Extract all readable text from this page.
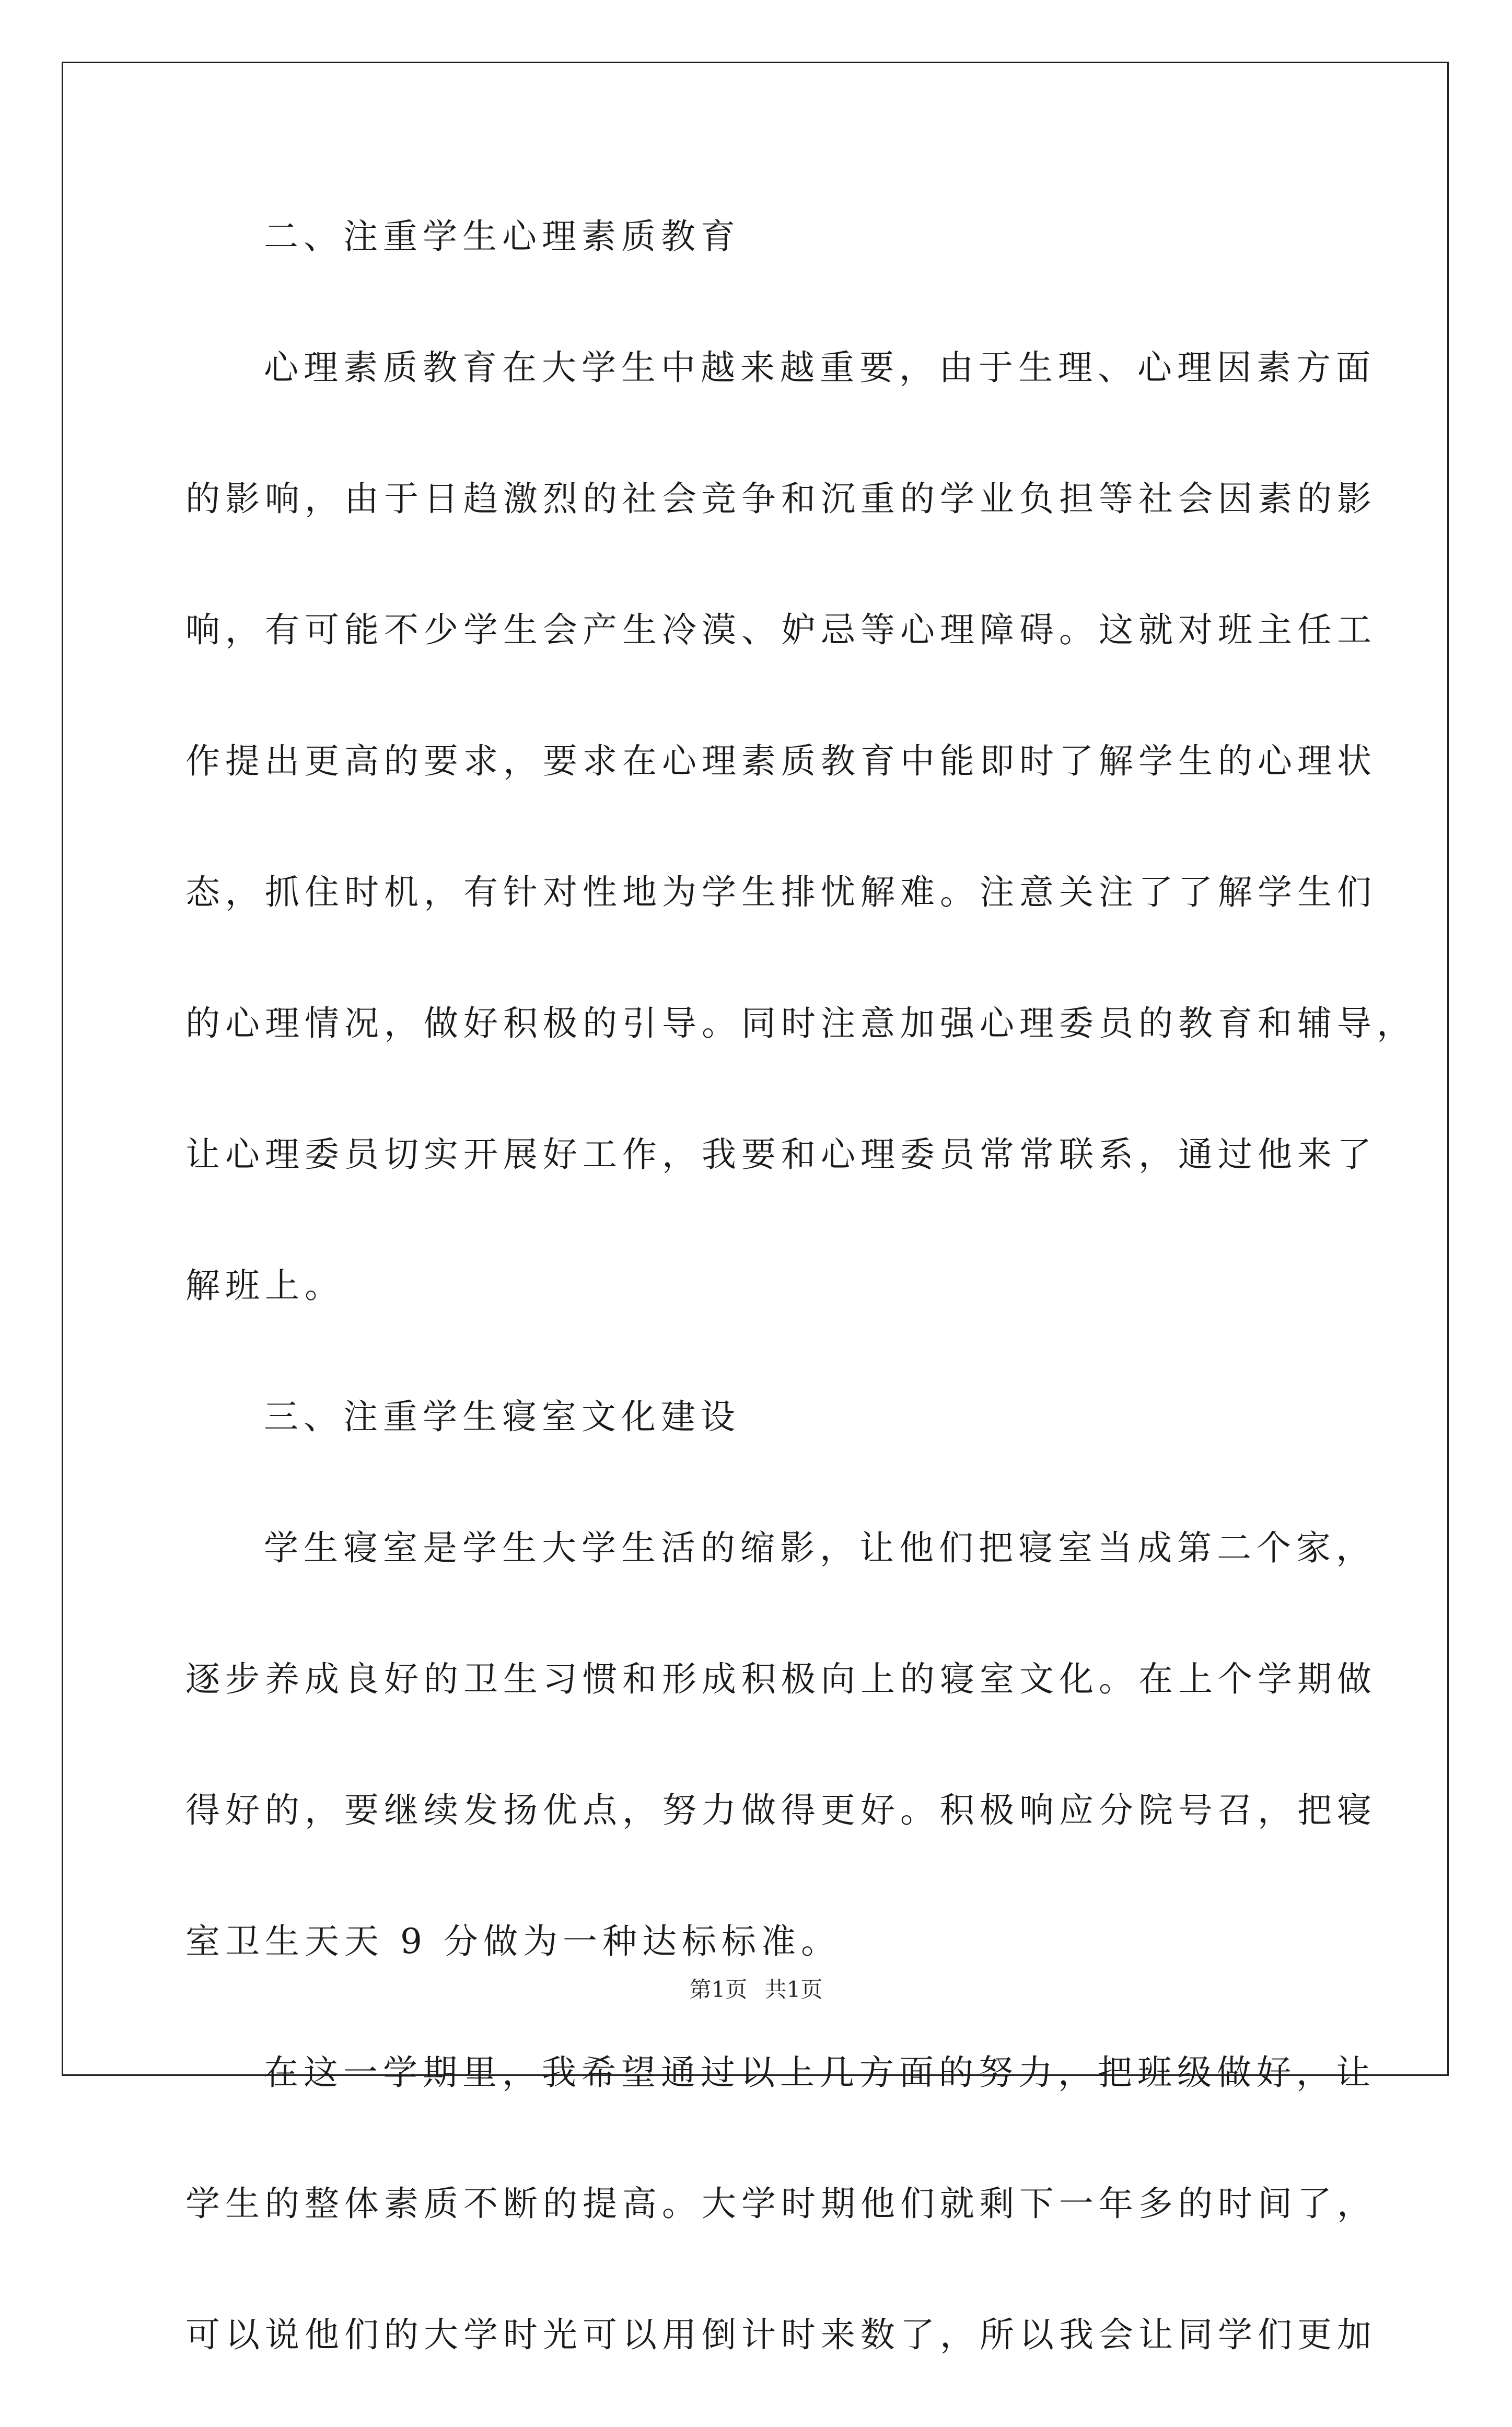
二、注重学生心理素质教育
心理素质教育在大学生中越来越重要，由于生理、心理因素方面
的影响，由于日趋激烈的社会竞争和沉重的学业负担等社会因素的影
响，有可能不少学生会产生冷漠、妒忌等心理障碍。这就对班主任工
作提出更高的要求，要求在心理素质教育中能即时了解学生的心理状
态，抓住时机，有针对性地为学生排忧解难。注意关注了了解学生们
的心理情况，做好积极的引导。同时注意加强心理委员的教育和辅导，
让心理委员切实开展好工作，我要和心理委员常常联系，通过他来了
解班上。
三、注重学生寝室文化建设
学生寝室是学生大学生活的缩影，让他们把寝室当成第二个家，
逐步养成良好的卫生习惯和形成积极向上的寝室文化。在上个学期做
得好的，要继续发扬优点，努力做得更好。积极响应分院号召，把寝
室卫生天天 9 分做为一种达标标准。
在这一学期里，我希望通过以上几方面的努力，把班级做好，让
学生的整体素质不断的提高。大学时期他们就剩下一年多的时间了，
可以说他们的大学时光可以用倒计时来数了，所以我会让同学们更加
第1页 共1页
